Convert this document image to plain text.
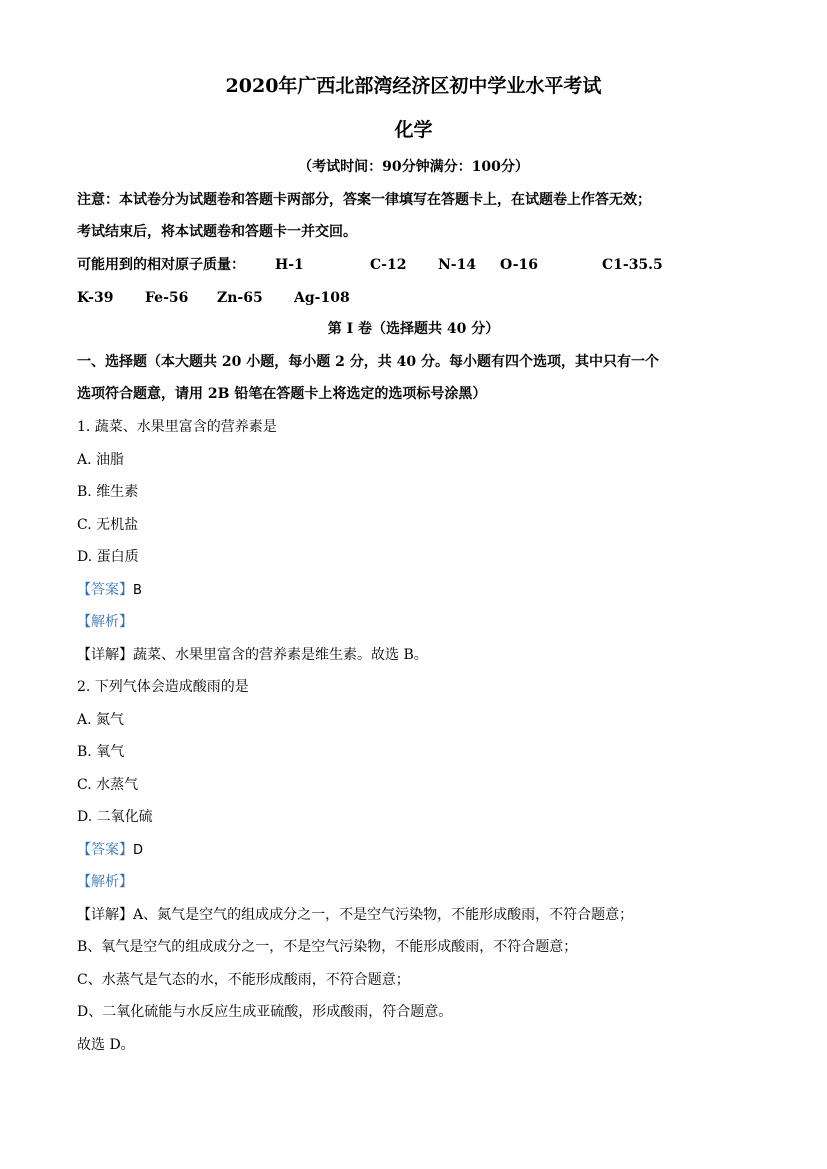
2020年广西北部湾经济区初中学业水平考试
化学
（考试时间：90分钟满分：100分）
注意：本试卷分为试题卷和答题卡两部分，答案一律填写在答题卡上，在试题卷上作答无效；
考试结束后，将本试题卷和答题卡一并交回。
可能用到的相对原子质量： H-1	C-12 N-14 O-16	C1-35.5
K-39 Fe-56 Zn-65 Ag-108
第 I 卷（选择题共 40 分）
一、选择题（本大题共 20 小题，每小题 2 分，共 40 分。每小题有四个选项，其中只有一个
选项符合题意，请用 2B 铅笔在答题卡上将选定的选项标号涂黑）
1. 蔬菜、水果里富含的营养素是
A. 油脂
B. 维生素
C. 无机盐
D. 蛋白质
【答案】B
【解析】
【详解】蔬菜、水果里富含的营养素是维生素。故选 B。
2. 下列气体会造成酸雨的是
A. 氮气
B. 氧气
C. 水蒸气
D. 二氧化硫
【答案】D
【解析】
【详解】A、氮气是空气的组成成分之一，不是空气污染物，不能形成酸雨，不符合题意；
B、氧气是空气的组成成分之一，不是空气污染物，不能形成酸雨，不符合题意；
C、水蒸气是气态的水，不能形成酸雨，不符合题意；
D、二氧化硫能与水反应生成亚硫酸，形成酸雨，符合题意。
故选 D。
